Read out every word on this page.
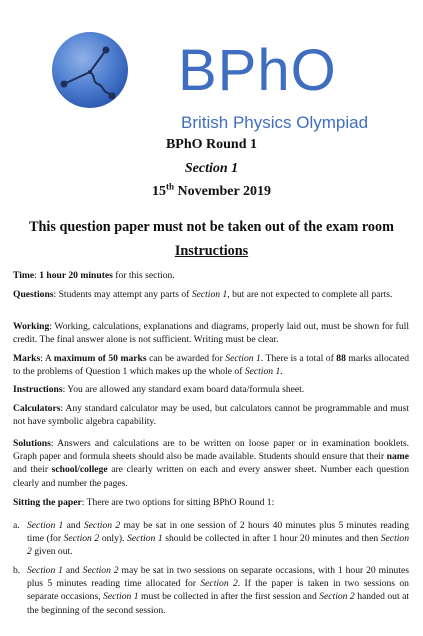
BPhO
British Physics Olympiad
BPhO Round 1
Section 1
15th November 2019
This question paper must not be taken out of the exam room
Instructions

Time: 1 hour 20 minutes for this section.

Questions: Students may attempt any parts of Section 1, but are not expected to complete all parts.

Working: Working, calculations, explanations and diagrams, properly laid out, must be shown for full credit. The final answer alone is not sufficient. Writing must be clear.

Marks: A maximum of 50 marks can be awarded for Section 1. There is a total of 88 marks allocated to the problems of Question 1 which makes up the whole of Section 1.

Instructions: You are allowed any standard exam board data/formula sheet.

Calculators: Any standard calculator may be used, but calculators cannot be programmable and must not have symbolic algebra capability.

Solutions: Answers and calculations are to be written on loose paper or in examination booklets. Graph paper and formula sheets should also be made available. Students should ensure that their name and their school/college are clearly written on each and every answer sheet. Number each question clearly and number the pages.

Sitting the paper: There are two options for sitting BPhO Round 1:

a. Section 1 and Section 2 may be sat in one session of 2 hours 40 minutes plus 5 minutes reading time (for Section 2 only). Section 1 should be collected in after 1 hour 20 minutes and then Section 2 given out.
b. Section 1 and Section 2 may be sat in two sessions on separate occasions, with 1 hour 20 minutes plus 5 minutes reading time allocated for Section 2. If the paper is taken in two sessions on separate occasions, Section 1 must be collected in after the first session and Section 2 handed out at the beginning of the second session.
